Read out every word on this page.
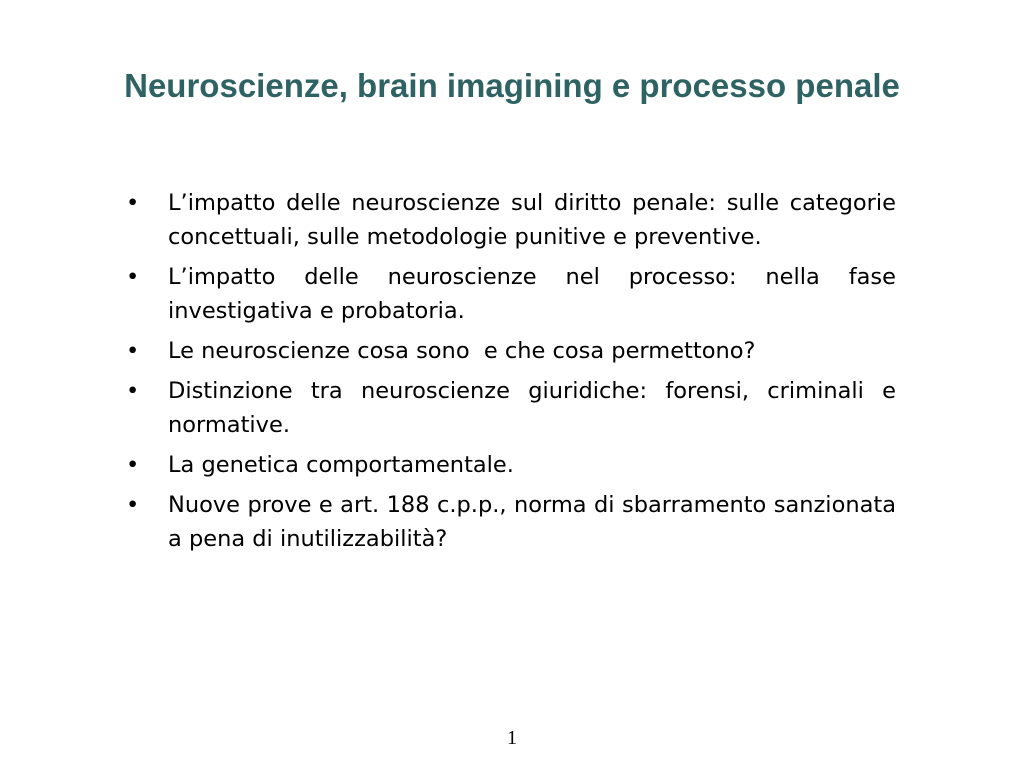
Neuroscienze, brain imagining e processo penale
• L’impatto delle neuroscienze sul diritto penale: sulle categorie concettuali, sulle metodologie punitive e preventive.
• L’impatto delle neuroscienze nel processo: nella fase investigativa e probatoria.
• Le neuroscienze cosa sono  e che cosa permettono?
• Distinzione tra neuroscienze giuridiche: forensi, criminali e normative.
• La genetica comportamentale.
• Nuove prove e art. 188 c.p.p., norma di sbarramento sanzionata a pena di inutilizzabilità?
1
